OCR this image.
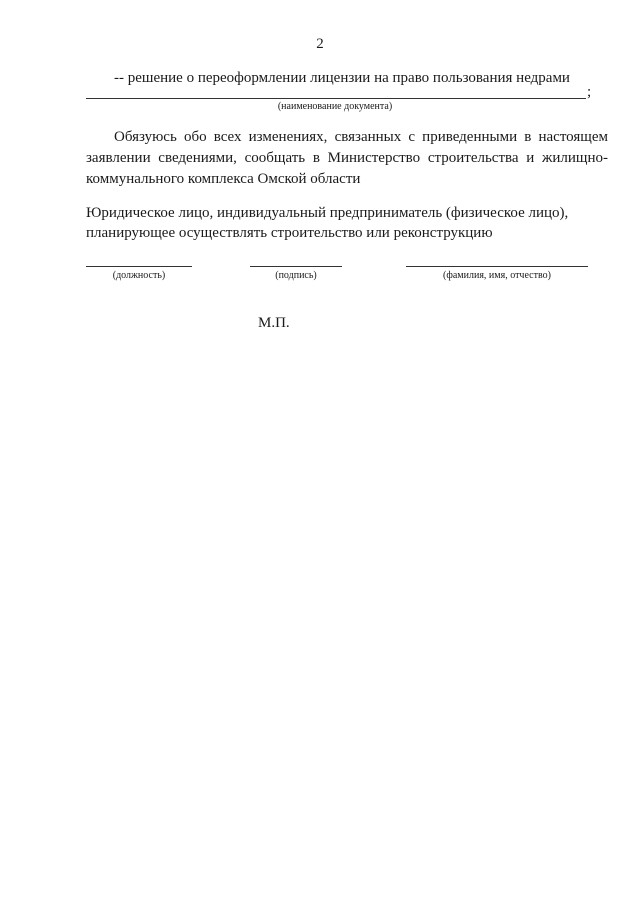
2
-- решение о переоформлении лицензии на право пользования недрами
;
(наименование документа)
Обязуюсь обо всех изменениях, связанных с приведенными в настоящем заявлении сведениями, сообщать в Министерство строительства и жилищно-коммунального комплекса Омской области
Юридическое лицо, индивидуальный предприниматель (физическое лицо),
планирующее осуществлять строительство или реконструкцию
(должность)	(подпись)	(фамилия, имя, отчество)
М.П.
